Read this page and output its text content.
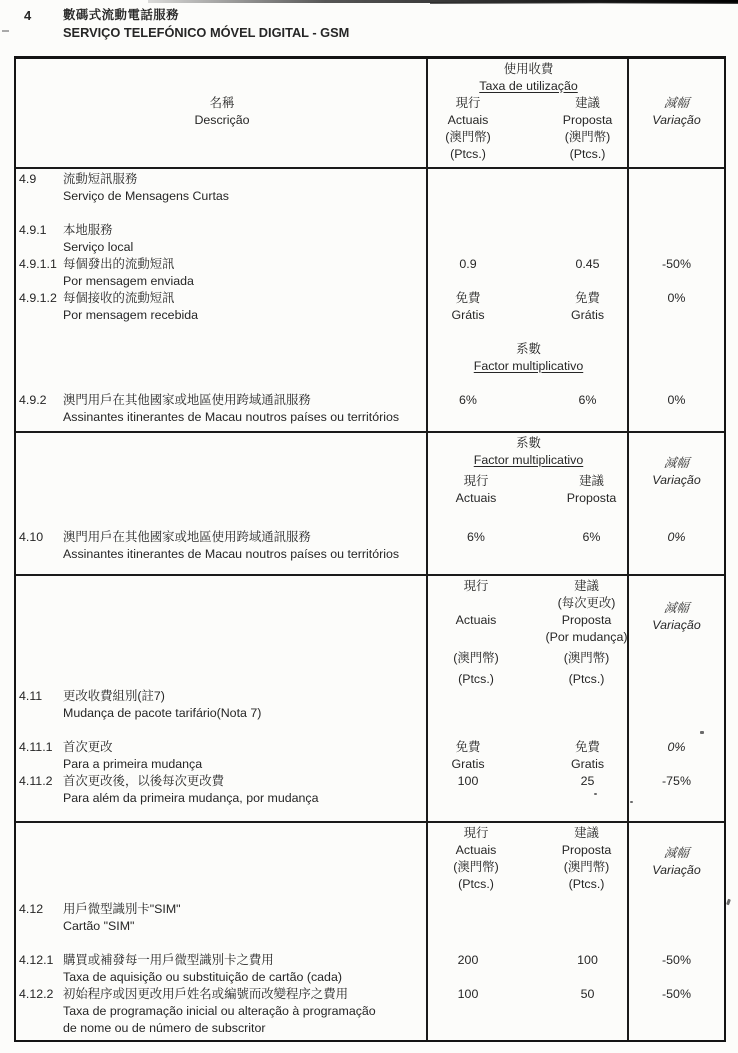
4	數碼式流動電話服務
SERVIÇO TELEFÓNICO MÓVEL DIGITAL - GSM
名稱
Descrição
使用收費
Taxa de utilização
現行
Actuais
(澳門幣)
(Ptcs.)
建議
Proposta
(澳門幣)
(Ptcs.)
減幅
Variação
4.9	流動短訊服務
Serviço de Mensagens Curtas
4.9.1	本地服務
Serviço local
4.9.1.1 每個發出的流動短訊	0.9	0.45	-50%
Por mensagem enviada
4.9.1.2 每個接收的流動短訊	免費	免費	0%
Por mensagem recebida	Grátis	Grátis
系數
Factor multiplicativo
4.9.2	澳門用戶在其他國家或地區使用跨域通訊服務	6%	6%	0%
Assinantes itinerantes de Macau noutros países ou territórios
系數
Factor multiplicativo
現行
Actuais
建議
Proposta
減幅
Variação
4.10	澳門用戶在其他國家或地區使用跨域通訊服務	6%	6%	0%
Assinantes itinerantes de Macau noutros países ou territórios
現行
Actuais
(澳門幣)
(Ptcs.)
建議
(每次更改)
Proposta
(Por mudança)
(澳門幣)
(Ptcs.)
減幅
Variação
4.11	更改收費組別(註7)
Mudança de pacote tarifário(Nota 7)
4.11.1 首次更改	免費	免費	0%
Para a primeira mudança	Gratis	Gratis
4.11.2 首次更改後，以後每次更改費	100	25	-75%
Para além da primeira mudança, por mudança
現行
Actuais
(澳門幣)
(Ptcs.)
建議
Proposta
(澳門幣)
(Ptcs.)
減幅
Variação
4.12	用戶微型識別卡"SIM"
Cartão "SIM"
4.12.1 購買或補發每一用戶微型識別卡之費用	200	100	-50%
Taxa de aquisição ou substituição de cartão (cada)
4.12.2 初始程序或因更改用戶姓名或編號而改變程序之費用	100	50	-50%
Taxa de programação inicial ou alteração à programação
de nome ou de número de subscritor
